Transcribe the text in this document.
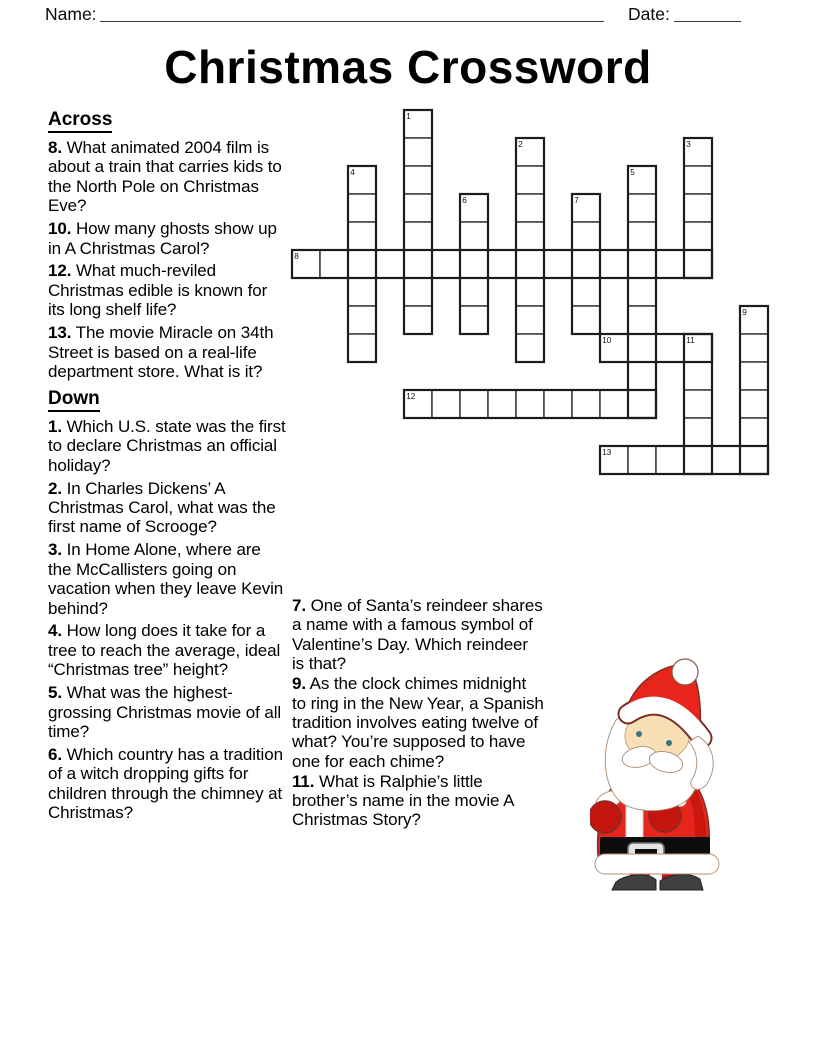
Name:	Date:
Christmas Crossword
1
2	3
4	5
6	7
8
9
10	11
12
13
Across

8. What animated 2004 film is about a train that carries kids to the North Pole on Christmas Eve?

10. How many ghosts show up in A Christmas Carol?

12. What much-reviled Christmas edible is known for its long shelf life?

13. The movie Miracle on 34th Street is based on a real-life department store. What is it?

Down

1. Which U.S. state was the first to declare Christmas an official holiday?

2. In Charles Dickens’ A Christmas Carol, what was the first name of Scrooge?

3. In Home Alone, where are the McCallisters going on vacation when they leave Kevin behind?

4. How long does it take for a tree to reach the average, ideal “Christmas tree” height?

5. What was the highest-grossing Christmas movie of all time?

6. Which country has a tradition of a witch dropping gifts for children through the chimney at Christmas?

7. One of Santa’s reindeer shares a name with a famous symbol of Valentine’s Day. Which reindeer is that?

9. As the clock chimes midnight to ring in the New Year, a Spanish tradition involves eating twelve of what? You’re supposed to have one for each chime?

11. What is Ralphie’s little brother’s name in the movie A Christmas Story?
